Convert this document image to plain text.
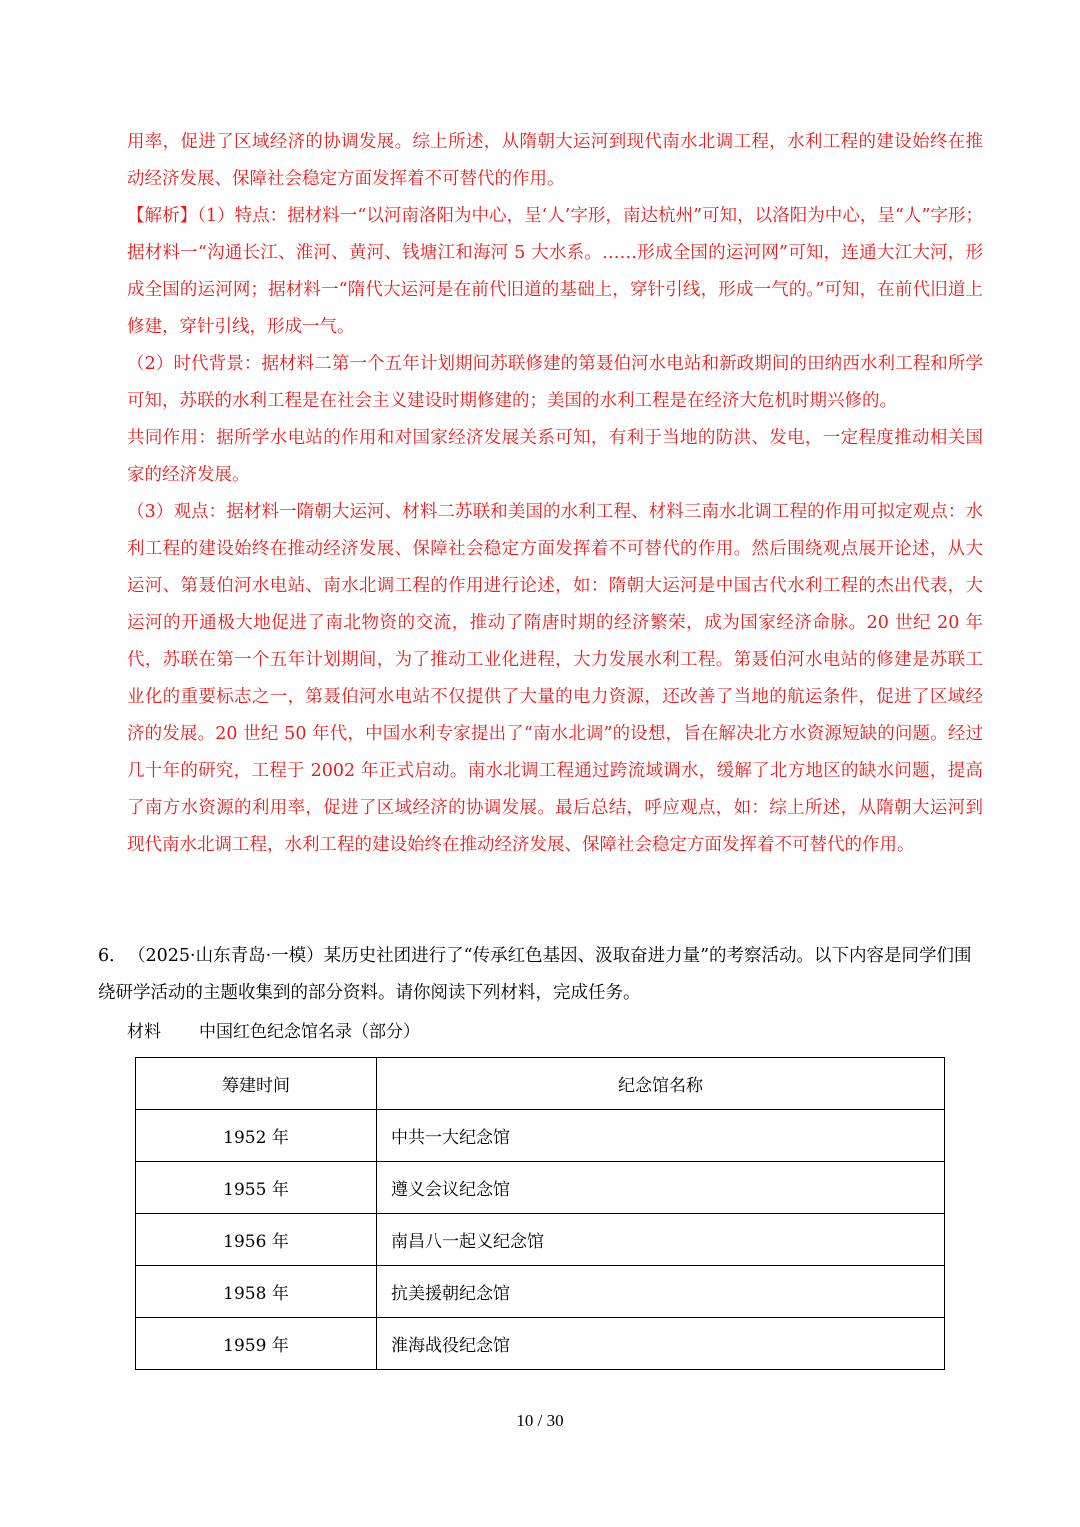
用率，促进了区域经济的协调发展。综上所述，从隋朝大运河到现代南水北调工程，水利工程的建设始终在推动经济发展、保障社会稳定方面发挥着不可替代的作用。

【解析】（1）特点：据材料一“以河南洛阳为中心，呈‘人’字形，南达杭州”可知，以洛阳为中心，呈“人”字形；据材料一“沟通长江、淮河、黄河、钱塘江和海河 5 大水系。……形成全国的运河网”可知，连通大江大河，形成全国的运河网；据材料一“隋代大运河是在前代旧道的基础上，穿针引线，形成一气的。”可知，在前代旧道上修建，穿针引线，形成一气。

（2）时代背景：据材料二第一个五年计划期间苏联修建的第聂伯河水电站和新政期间的田纳西水利工程和所学可知，苏联的水利工程是在社会主义建设时期修建的；美国的水利工程是在经济大危机时期兴修的。

共同作用：据所学水电站的作用和对国家经济发展关系可知，有利于当地的防洪、发电，一定程度推动相关国家的经济发展。

（3）观点：据材料一隋朝大运河、材料二苏联和美国的水利工程、材料三南水北调工程的作用可拟定观点：水利工程的建设始终在推动经济发展、保障社会稳定方面发挥着不可替代的作用。然后围绕观点展开论述，从大运河、第聂伯河水电站、南水北调工程的作用进行论述，如：隋朝大运河是中国古代水利工程的杰出代表，大运河的开通极大地促进了南北物资的交流，推动了隋唐时期的经济繁荣，成为国家经济命脉。20 世纪 20 年代，苏联在第一个五年计划期间，为了推动工业化进程，大力发展水利工程。第聂伯河水电站的修建是苏联工业化的重要标志之一，第聂伯河水电站不仅提供了大量的电力资源，还改善了当地的航运条件，促进了区域经济的发展。20 世纪 50 年代，中国水利专家提出了“南水北调”的设想，旨在解决北方水资源短缺的问题。经过几十年的研究，工程于 2002 年正式启动。南水北调工程通过跨流域调水，缓解了北方地区的缺水问题，提高了南方水资源的利用率，促进了区域经济的协调发展。最后总结，呼应观点，如：综上所述，从隋朝大运河到现代南水北调工程，水利工程的建设始终在推动经济发展、保障社会稳定方面发挥着不可替代的作用。

6．（2025·山东青岛·一模）某历史社团进行了“传承红色基因、汲取奋进力量”的考察活动。以下内容是同学们围绕研学活动的主题收集到的部分资料。请你阅读下列材料，完成任务。

材料 中国红色纪念馆名录（部分）
筹建时间	纪念馆名称
1952 年	中共一大纪念馆
1955 年	遵义会议纪念馆
1956 年	南昌八一起义纪念馆
1958 年	抗美援朝纪念馆
1959 年	淮海战役纪念馆
10 / 30
